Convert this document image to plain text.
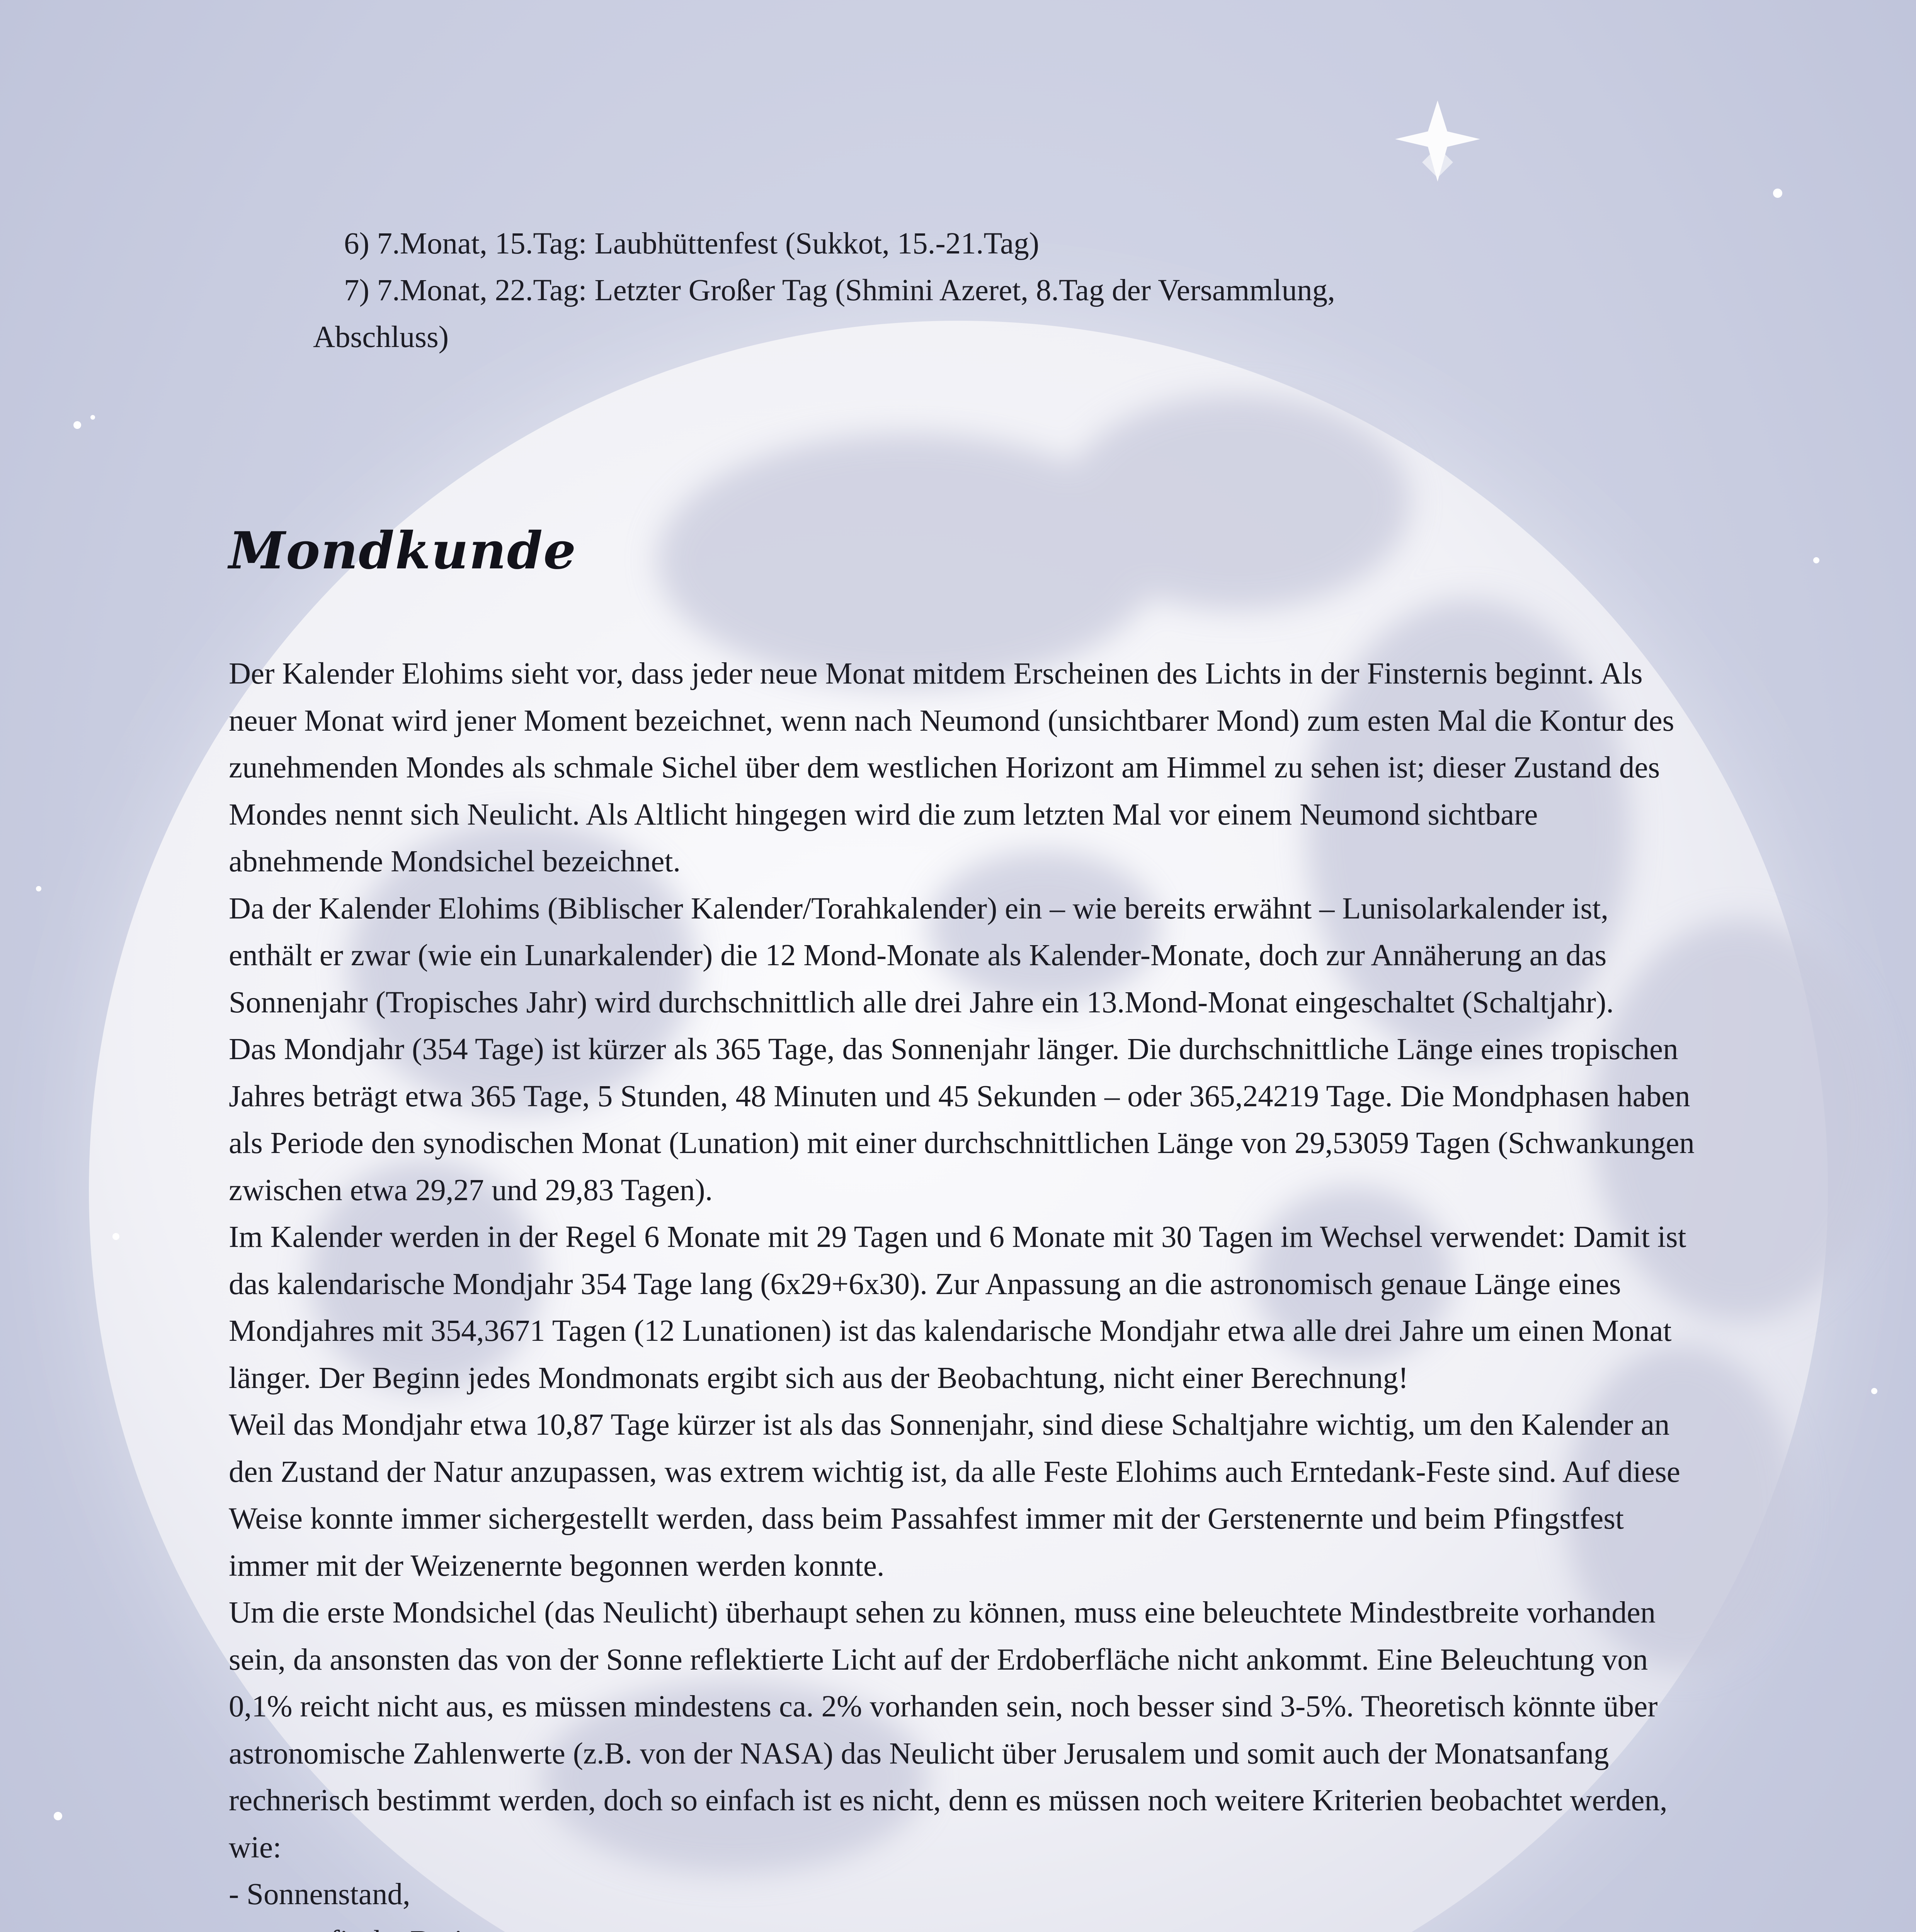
6) 7.Monat, 15.Tag: Laubhüttenfest (Sukkot, 15.-21.Tag)
7) 7.Monat, 22.Tag: Letzter Großer Tag (Shmini Azeret, 8.Tag der Versammlung,
Abschluss)
Mondkunde

Der Kalender Elohims sieht vor, dass jeder neue Monat mitdem Erscheinen des Lichts in der Finsternis beginnt. Als neuer Monat wird jener Moment bezeichnet, wenn nach Neumond (unsichtbarer Mond) zum esten Mal die Kontur des zunehmenden Mondes als schmale Sichel über dem westlichen Horizont am Himmel zu sehen ist; dieser Zustand des Mondes nennt sich Neulicht. Als Altlicht hingegen wird die zum letzten Mal vor einem Neumond sichtbare abnehmende Mondsichel bezeichnet.

Da der Kalender Elohims (Biblischer Kalender/Torahkalender) ein – wie bereits erwähnt – Lunisolarkalender ist, enthält er zwar (wie ein Lunarkalender) die 12 Mond-Monate als Kalender-Monate, doch zur Annäherung an das Sonnenjahr (Tropisches Jahr) wird durchschnittlich alle drei Jahre ein 13.Mond-Monat eingeschaltet (Schaltjahr).

Das Mondjahr (354 Tage) ist kürzer als 365 Tage, das Sonnenjahr länger. Die durchschnittliche Länge eines tropischen Jahres beträgt etwa 365 Tage, 5 Stunden, 48 Minuten und 45 Sekunden – oder 365,24219 Tage. Die Mondphasen haben als Periode den synodischen Monat (Lunation) mit einer durchschnittlichen Länge von 29,53059 Tagen (Schwankungen zwischen etwa 29,27 und 29,83 Tagen).

Im Kalender werden in der Regel 6 Monate mit 29 Tagen und 6 Monate mit 30 Tagen im Wechsel verwendet: Damit ist das kalendarische Mondjahr 354 Tage lang (6x29+6x30). Zur Anpassung an die astronomisch genaue Länge eines Mondjahres mit 354,3671 Tagen (12 Lunationen) ist das kalendarische Mondjahr etwa alle drei Jahre um einen Monat länger. Der Beginn jedes Mondmonats ergibt sich aus der Beobachtung, nicht einer Berechnung!

Weil das Mondjahr etwa 10,87 Tage kürzer ist als das Sonnenjahr, sind diese Schaltjahre wichtig, um den Kalender an den Zustand der Natur anzupassen, was extrem wichtig ist, da alle Feste Elohims auch Erntedank-Feste sind. Auf diese Weise konnte immer sichergestellt werden, dass beim Passahfest immer mit der Gerstenernte und beim Pfingstfest immer mit der Weizenernte begonnen werden konnte.

Um die erste Mondsichel (das Neulicht) überhaupt sehen zu können, muss eine beleuchtete Mindestbreite vorhanden sein, da ansonsten das von der Sonne reflektierte Licht auf der Erdoberfläche nicht ankommt. Eine Beleuchtung von 0,1% reicht nicht aus, es müssen mindestens ca. 2% vorhanden sein, noch besser sind 3-5%. Theoretisch könnte über astronomische Zahlenwerte (z.B. von der NASA) das Neulicht über Jerusalem und somit auch der Monatsanfang rechnerisch bestimmt werden, doch so einfach ist es nicht, denn es müssen noch weitere Kriterien beobachtet werden, wie:

- Sonnenstand,
